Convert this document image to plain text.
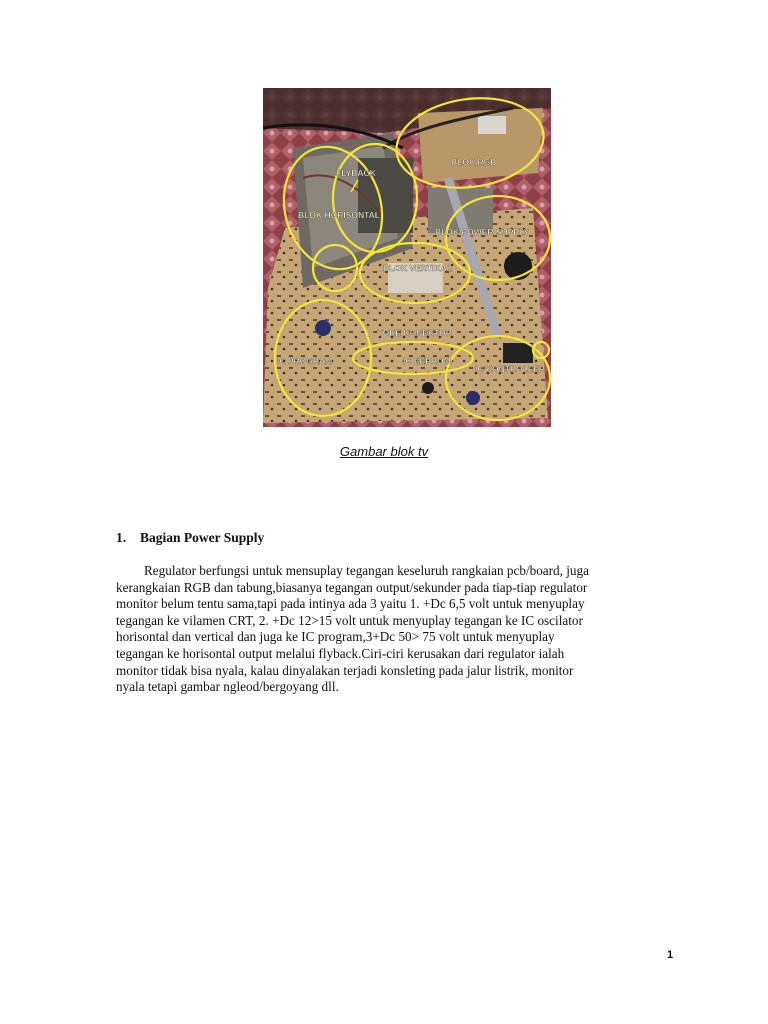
FLYBACK
BLOK RGB
BLOK HORISONTAL
BLOK POWER SUPPLY
BLOK VERTIKAL
YOKE KONEKTOR
IC PROGRAM	IC EEPROM
IC KONTROLLER
Gambar blok tv
1. Bagian Power Supply
Regulator berfungsi untuk mensuplay tegangan keseluruh rangkaian pcb/board, juga
kerangkaian RGB dan tabung,biasanya tegangan output/sekunder pada tiap-tiap regulator
monitor belum tentu sama,tapi pada intinya ada 3 yaitu 1. +Dc 6,5 volt untuk menyuplay
tegangan ke vilamen CRT, 2. +Dc 12>15 volt untuk menyuplay tegangan ke IC oscilator
horisontal dan vertical dan juga ke IC program,3+Dc 50> 75 volt untuk menyuplay
tegangan ke horisontal output melalui flyback.Ciri-ciri kerusakan dari regulator ialah
monitor tidak bisa nyala, kalau dinyalakan terjadi konsleting pada jalur listrik, monitor
nyala tetapi gambar ngleod/bergoyang dll.
1
